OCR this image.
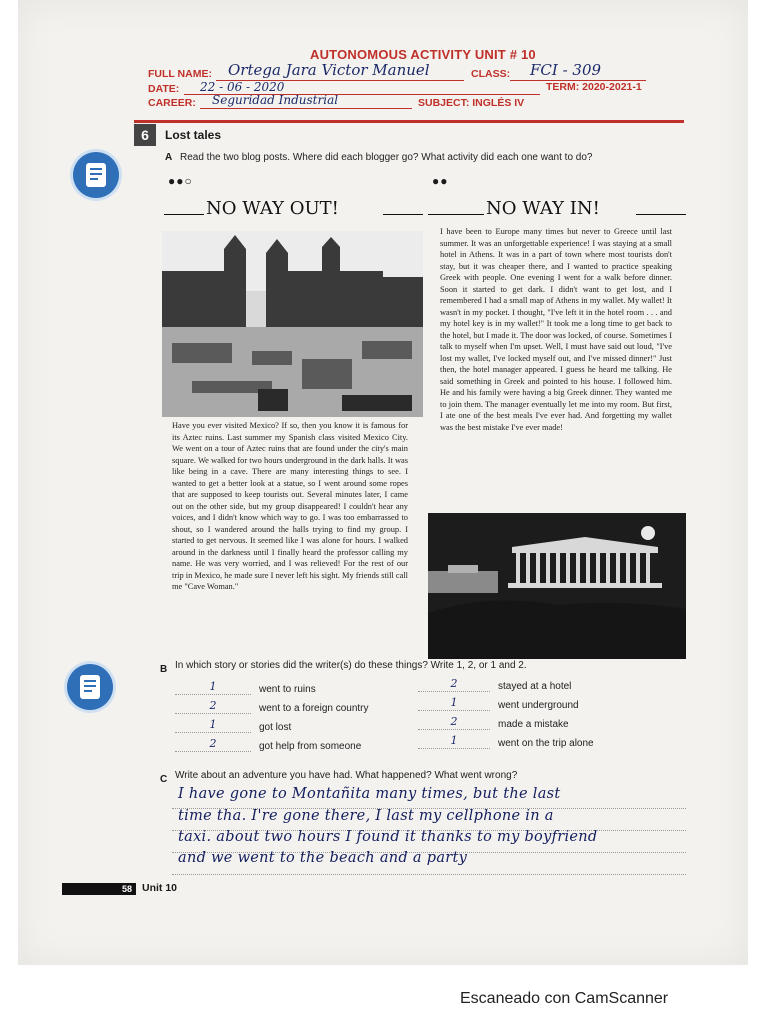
AUTONOMOUS ACTIVITY UNIT # 10
FULL NAME: Ortega Jara Victor Manuel	CLASS: FCI - 309
DATE: 22 - 06 - 2020	TERM: 2020-2021-1
CAREER: Seguridad Industrial	SUBJECT: INGLÉS IV
6	Lost tales
A Read the two blog posts. Where did each blogger go? What activity did each one want to do?
●●○	●●
NO WAY OUT!	NO WAY IN!
Have you ever visited Mexico? If so, then you know it is famous for its Aztec ruins. Last summer my Spanish class visited Mexico City. We went on a tour of Aztec ruins that are found under the city's main square. We walked for two hours underground in the dark halls. It was like being in a cave. There are many interesting things to see. I wanted to get a better look at a statue, so I went around some ropes that are supposed to keep tourists out. Several minutes later, I came out on the other side, but my group disappeared! I couldn't hear any voices, and I didn't know which way to go. I was too embarrassed to shout, so I wandered around the halls trying to find my group. I started to get nervous. It seemed like I was alone for hours. I walked around in the darkness until I finally heard the professor calling my name. He was very worried, and I was relieved! For the rest of our trip in Mexico, he made sure I never left his sight. My friends still call me "Cave Woman."
I have been to Europe many times but never to Greece until last summer. It was an unforgettable experience! I was staying at a small hotel in Athens. It was in a part of town where most tourists don't stay, but it was cheaper there, and I wanted to practice speaking Greek with people. One evening I went for a walk before dinner. Soon it started to get dark. I didn't want to get lost, and I remembered I had a small map of Athens in my wallet. My wallet! It wasn't in my pocket. I thought, "I've left it in the hotel room . . . and my hotel key is in my wallet!" It took me a long time to get back to the hotel, but I made it. The door was locked, of course. Sometimes I talk to myself when I'm upset. Well, I must have said out loud, "I've lost my wallet, I've locked myself out, and I've missed dinner!" Just then, the hotel manager appeared. I guess he heard me talking. He said something in Greek and pointed to his house. I followed him. He and his family were having a big Greek dinner. They wanted me to join them. The manager eventually let me into my room. But first, I ate one of the best meals I've ever had. And forgetting my wallet was the best mistake I've ever made!
B In which story or stories did the writer(s) do these things? Write 1, 2, or 1 and 2.
1	went to ruins
2	went to a foreign country
1	got lost
2	got help from someone
2	stayed at a hotel
1	went underground
2	made a mistake
1	went on the trip alone
C Write about an adventure you have had. What happened? What went wrong?
I have gone to Montañita many times, but the last
time tha. I're gone there, I last my cellphone in a
taxi. about two hours I found it thanks to my boyfriend
and we went to the beach and a party
58 Unit 10
Escaneado con CamScanner
